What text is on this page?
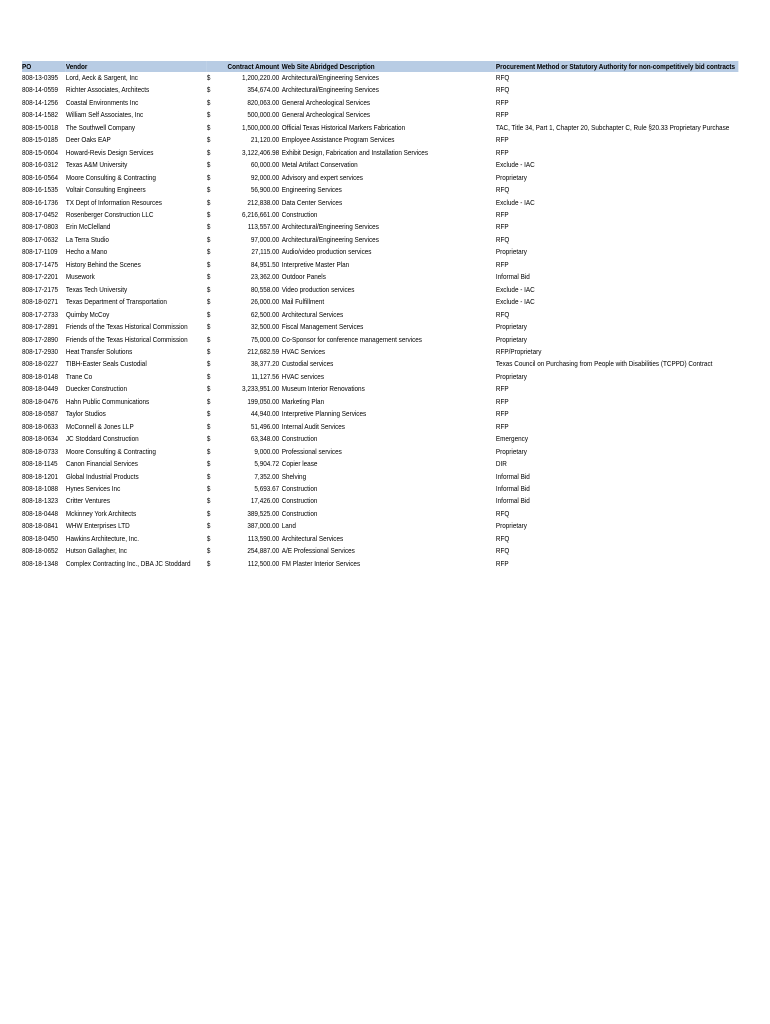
PO	Vendor	Contract Amount		Web Site Abridged Description	Procurement Method or Statutory Authority for non-competitively bid contracts
808-13-0395	Lord, Aeck & Sargent, Inc	$	1,200,220.00	Architectural/Engineering Services	RFQ
808-14-0559	Richter Associates, Architects	$	354,674.00	Architectural/Engineering Services	RFQ
808-14-1256	Coastal Environments Inc	$	820,063.00	General Archeological Services	RFP
808-14-1582	William Self Associates, Inc	$	500,000.00	General Archeological Services	RFP
808-15-0018	The Southwell Company	$	1,500,000.00	Official Texas Historical Markers Fabrication	TAC, Title 34, Part 1, Chapter 20, Subchapter C, Rule §20.33 Proprietary Purchase
808-15-0185	Deer Oaks EAP	$	21,120.00	Employee Assistance Program Services	RFP
808-15-0604	Howard-Revis Design Services	$	3,122,406.98	Exhibit Design, Fabrication and Installation Services	RFP
808-16-0312	Texas A&M University	$	60,000.00	Metal Artifact Conservation	Exclude - IAC
808-16-0564	Moore Consulting & Contracting	$	92,000.00	Advisory and expert services	Proprietary
808-16-1535	Voltair Consulting Engineers	$	56,900.00	Engineering Services	RFQ
808-16-1736	TX Dept of Information Resources	$	212,838.00	Data Center Services	Exclude - IAC
808-17-0452	Rosenberger Construction LLC	$	6,216,661.00	Construction	RFP
808-17-0803	Erin McClelland	$	113,557.00	Architectural/Engineering Services	RFP
808-17-0632	La Terra Studio	$	97,000.00	Architectural/Engineering Services	RFQ
808-17-1109	Hecho a Mano	$	27,115.00	Audio/video production services	Proprietary
808-17-1475	History Behind the Scenes	$	84,951.50	Interpretive Master Plan	RFP
808-17-2201	Musework	$	23,362.00	Outdoor Panels	Informal Bid
808-17-2175	Texas Tech University	$	80,558.00	Video production services	Exclude - IAC
808-18-0271	Texas Department of Transportation	$	26,000.00	Mail Fulfillment	Exclude - IAC
808-17-2733	Quimby McCoy	$	62,500.00	Architectural Services	RFQ
808-17-2891	Friends of the Texas Historical Commission	$	32,500.00	Fiscal Management Services	Proprietary
808-17-2890	Friends of the Texas Historical Commission	$	75,000.00	Co-Sponsor for conference management services	Proprietary
808-17-2930	Heat Transfer Solutions	$	212,682.59	HVAC Services	RFP/Proprietary
808-18-0227	TIBH-Easter Seals Custodial	$	38,377.20	Custodial services	Texas Council on Purchasing from People with Disabilities (TCPPD) Contract
808-18-0148	Trane Co	$	11,127.56	HVAC services	Proprietary
808-18-0449	Duecker Construction	$	3,233,951.00	Museum Interior Renovations	RFP
808-18-0476	Hahn Public Communications	$	199,050.00	Marketing Plan	RFP
808-18-0587	Taylor Studios	$	44,940.00	Interpretive Planning Services	RFP
808-18-0633	McConnell & Jones LLP	$	51,496.00	Internal Audit Services	RFP
808-18-0634	JC Stoddard Construction	$	63,348.00	Construction	Emergency
808-18-0733	Moore Consulting & Contracting	$	9,000.00	Professional services	Proprietary
808-18-1145	Canon Financial Services	$	5,904.72	Copier lease	DIR
808-18-1201	Global Industrial Products	$	7,352.00	Shelving	Informal Bid
808-18-1088	Hynes Services Inc	$	5,693.67	Construction	Informal Bid
808-18-1323	Critter Ventures	$	17,426.00	Construction	Informal Bid
808-18-0448	Mckinney York Architects	$	389,525.00	Construction	RFQ
808-18-0841	WHW Enterprises LTD	$	387,000.00	Land	Proprietary
808-18-0450	Hawkins Architecture, Inc.	$	113,590.00	Architectural Services	RFQ
808-18-0652	Hutson Gallagher, Inc	$	254,887.00	A/E Professional Services	RFQ
808-18-1348	Complex Contracting Inc., DBA JC Stoddard	$	112,500.00	FM Plaster Interior Services	RFP
